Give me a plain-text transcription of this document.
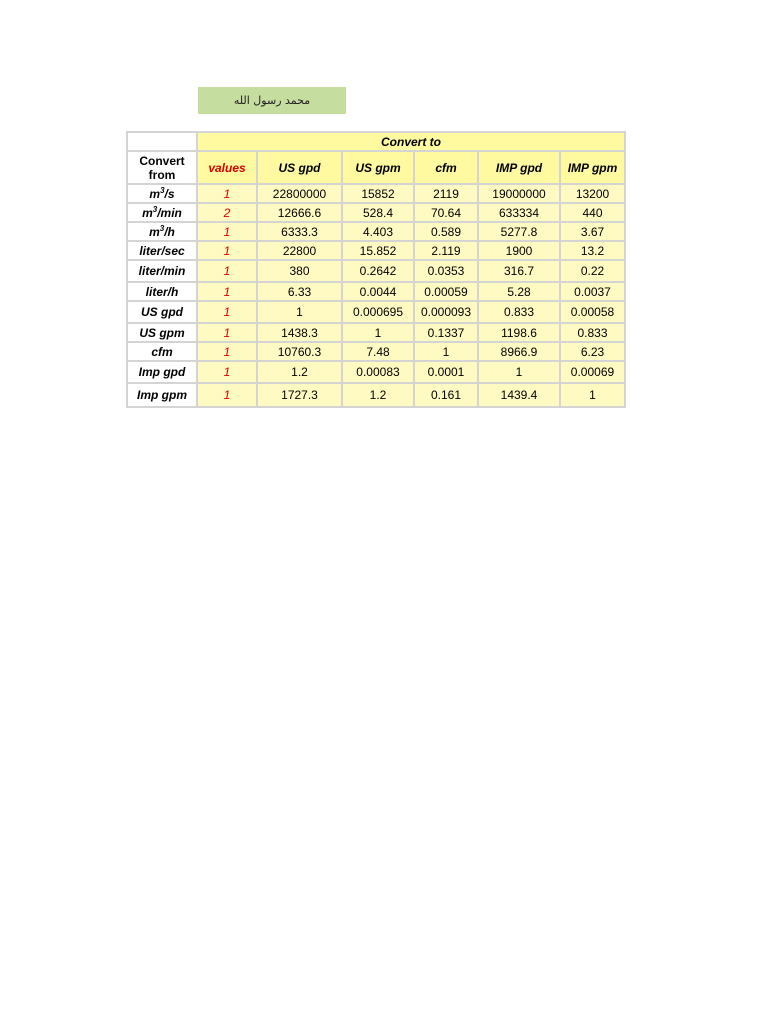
محمد رسول الله
	Convert to					
Convert from	values	US gpd	US gpm	cfm	IMP gpd	IMP gpm
$m^3/s$	1	22800000	15852	2119	19000000	13200
$m^3/\min$	2	12666.6	528.4	70.64	633334	440
$m^3/h$	1	6333.3	4.403	0.589	5277.8	3.67
liter/sec	1	22800	15.852	2.119	1900	13.2
liter/min	1	380	0.2642	0.0353	316.7	0.22
liter/h	1	6.33	0.0044	0.00059	5.28	0.0037
US gpd	1	1	0.000695	0.000093	0.833	0.00058
US gpm	1	1438.3	1	0.1337	1198.6	0.833
cfm	1	10760.3	7.48	1	8966.9	6.23
Imp gpd	1	1.2	0.00083	0.0001	1	0.00069
Imp gpm	1	1727.3	1.2	0.161	1439.4	1
